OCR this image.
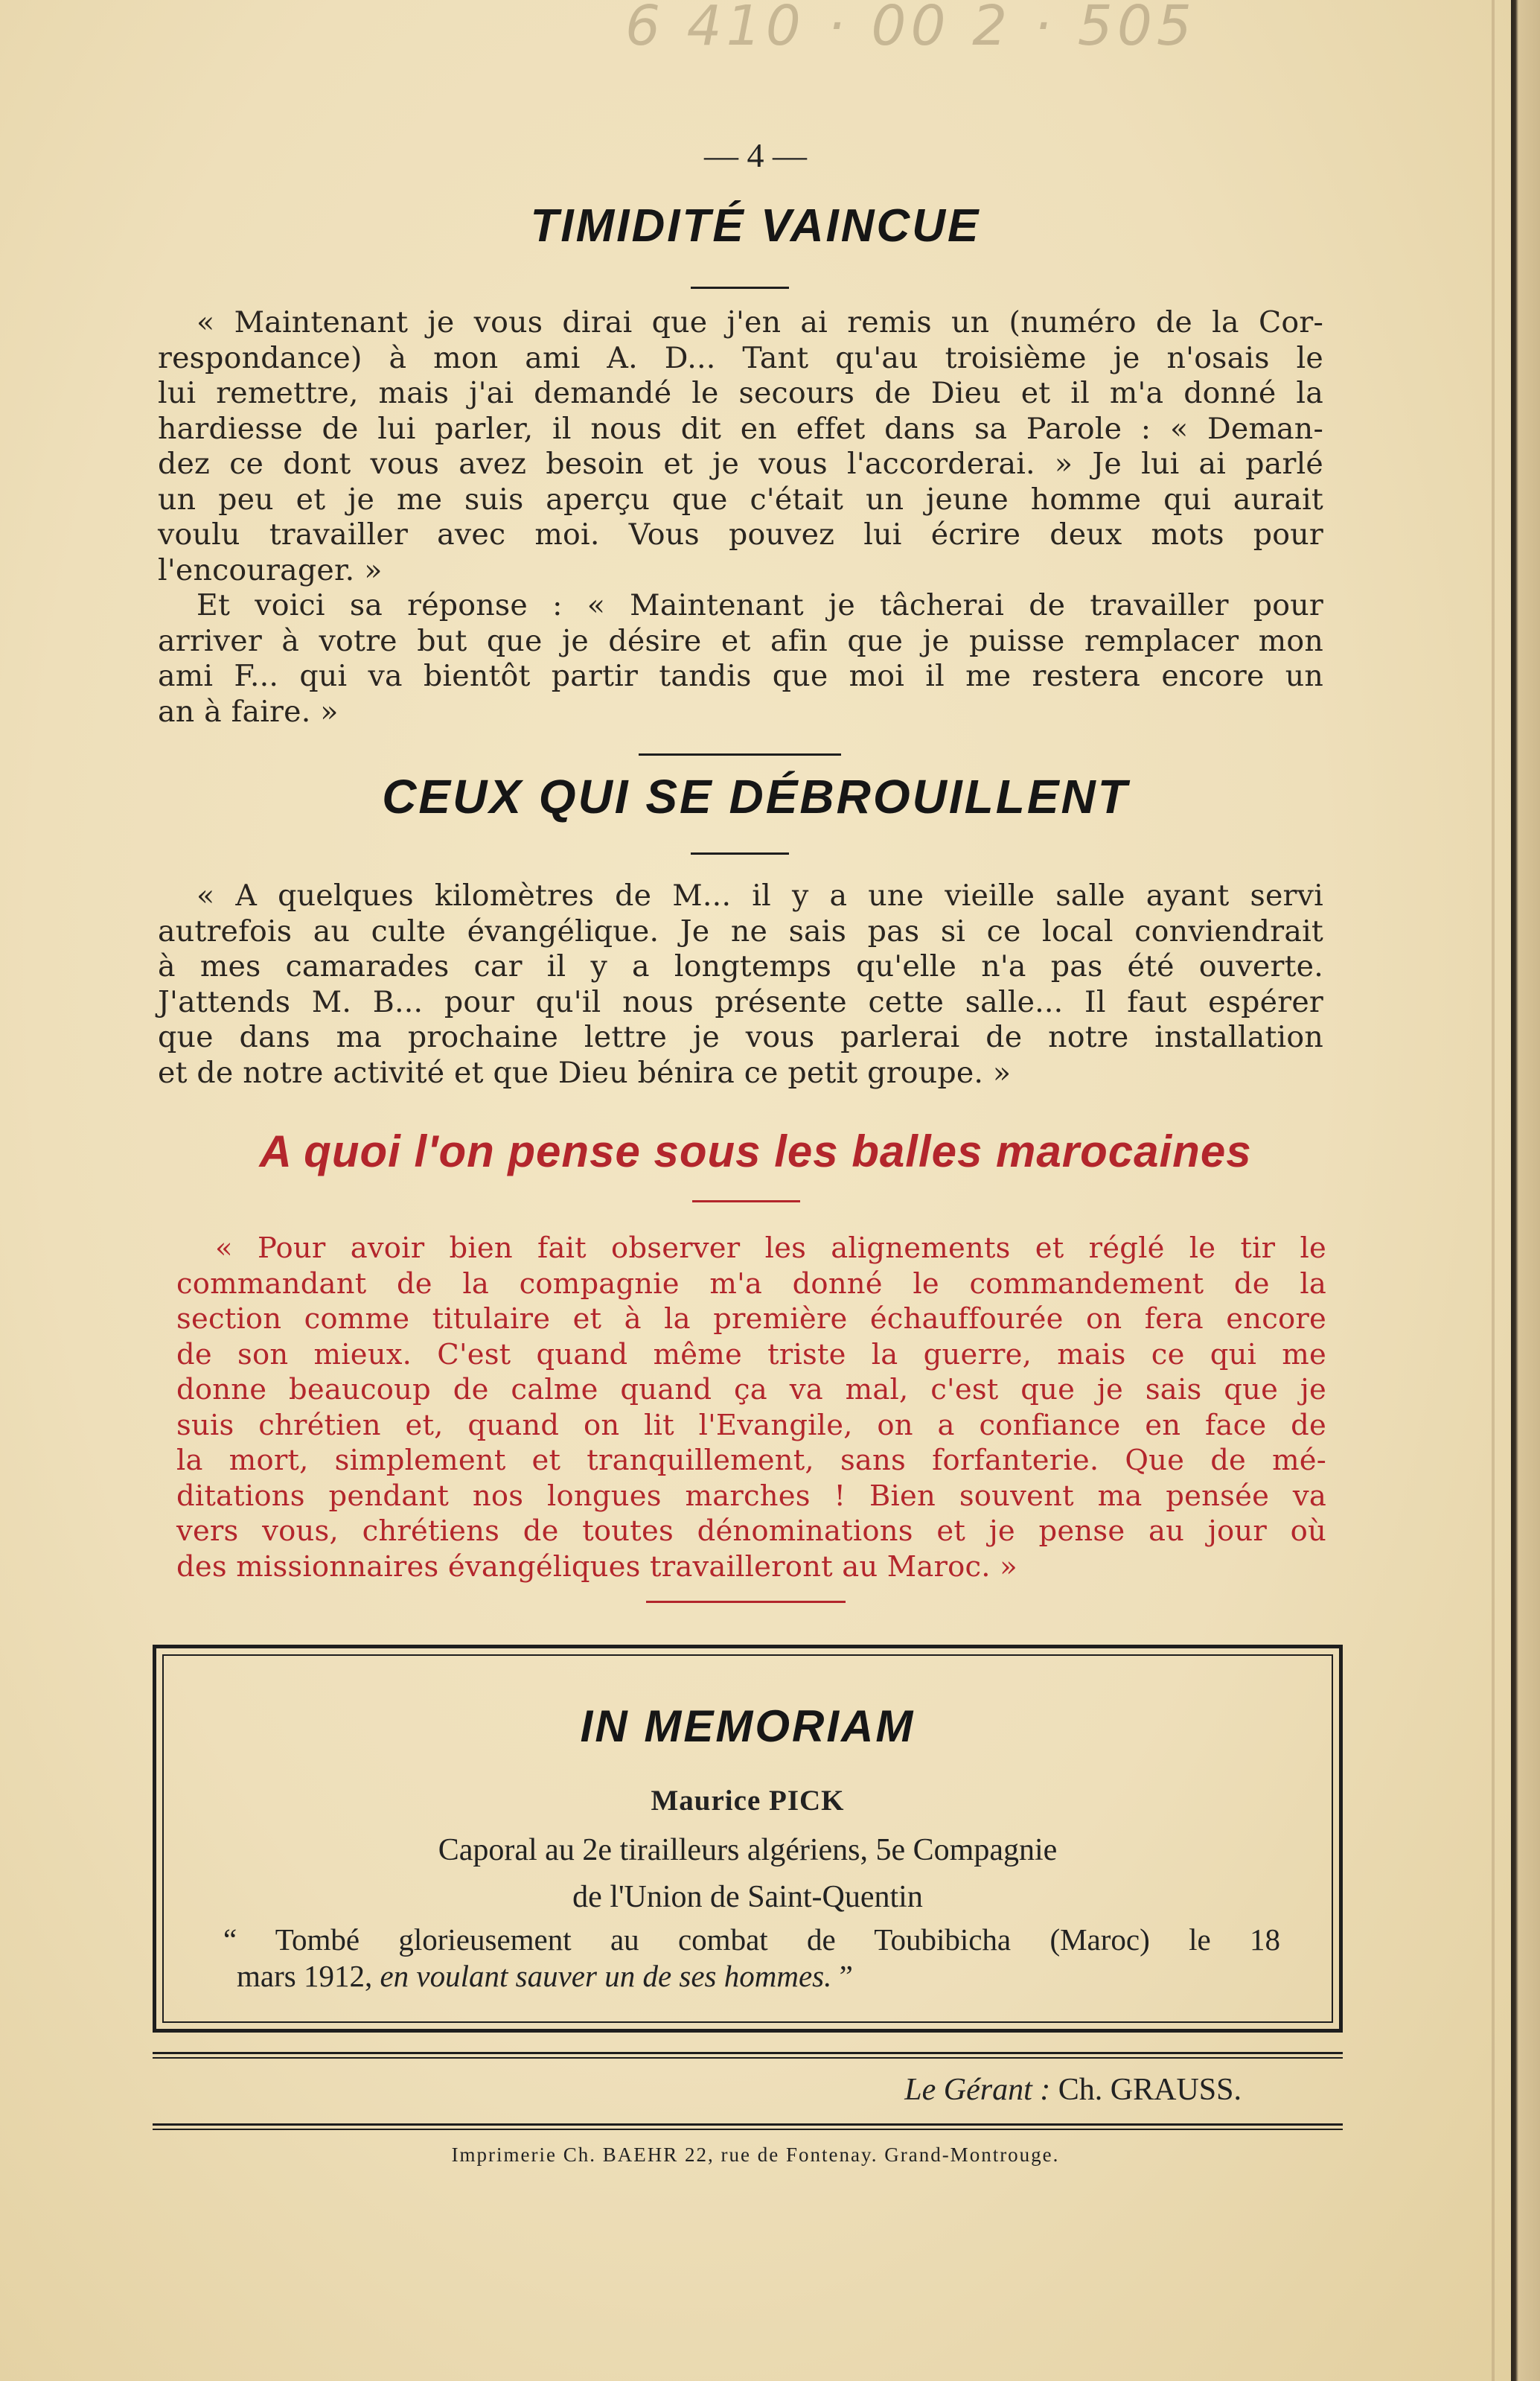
6 410 · 00 2 · 505
— 4 —
TIMIDITÉ VAINCUE
« Maintenant je vous dirai que j'en ai remis un (numéro de la Cor-
respondance) à mon ami A. D... Tant qu'au troisième je n'osais le
lui remettre, mais j'ai demandé le secours de Dieu et il m'a donné la
hardiesse de lui parler, il nous dit en effet dans sa Parole : « Deman-
dez ce dont vous avez besoin et je vous l'accorderai. » Je lui ai parlé
un peu et je me suis aperçu que c'était un jeune homme qui aurait
voulu travailler avec moi. Vous pouvez lui écrire deux mots pour
l'encourager. »
Et voici sa réponse : « Maintenant je tâcherai de travailler pour
arriver à votre but que je désire et afin que je puisse remplacer mon
ami F... qui va bientôt partir tandis que moi il me restera encore un
an à faire. »
CEUX QUI SE DÉBROUILLENT
« A quelques kilomètres de M... il y a une vieille salle ayant servi
autrefois au culte évangélique. Je ne sais pas si ce local conviendrait
à mes camarades car il y a longtemps qu'elle n'a pas été ouverte.
J'attends M. B... pour qu'il nous présente cette salle... Il faut espérer
que dans ma prochaine lettre je vous parlerai de notre installation
et de notre activité et que Dieu bénira ce petit groupe. »
A quoi l'on pense sous les balles marocaines
« Pour avoir bien fait observer les alignements et réglé le tir le
commandant de la compagnie m'a donné le commandement de la
section comme titulaire et à la première échauffourée on fera encore
de son mieux. C'est quand même triste la guerre, mais ce qui me
donne beaucoup de calme quand ça va mal, c'est que je sais que je
suis chrétien et, quand on lit l'Evangile, on a confiance en face de
la mort, simplement et tranquillement, sans forfanterie. Que de mé-
ditations pendant nos longues marches ! Bien souvent ma pensée va
vers vous, chrétiens de toutes dénominations et je pense au jour où
des missionnaires évangéliques travailleront au Maroc. »
IN MEMORIAM
Maurice PICK
Caporal au 2e tirailleurs algériens, 5e Compagnie
de l'Union de Saint-Quentin
“ Tombé glorieusement au combat de Toubibicha (Maroc) le 18
mars 1912, en voulant sauver un de ses hommes. ”
Le Gérant : Ch. GRAUSS.
Imprimerie Ch. BAEHR 22, rue de Fontenay. Grand-Montrouge.
